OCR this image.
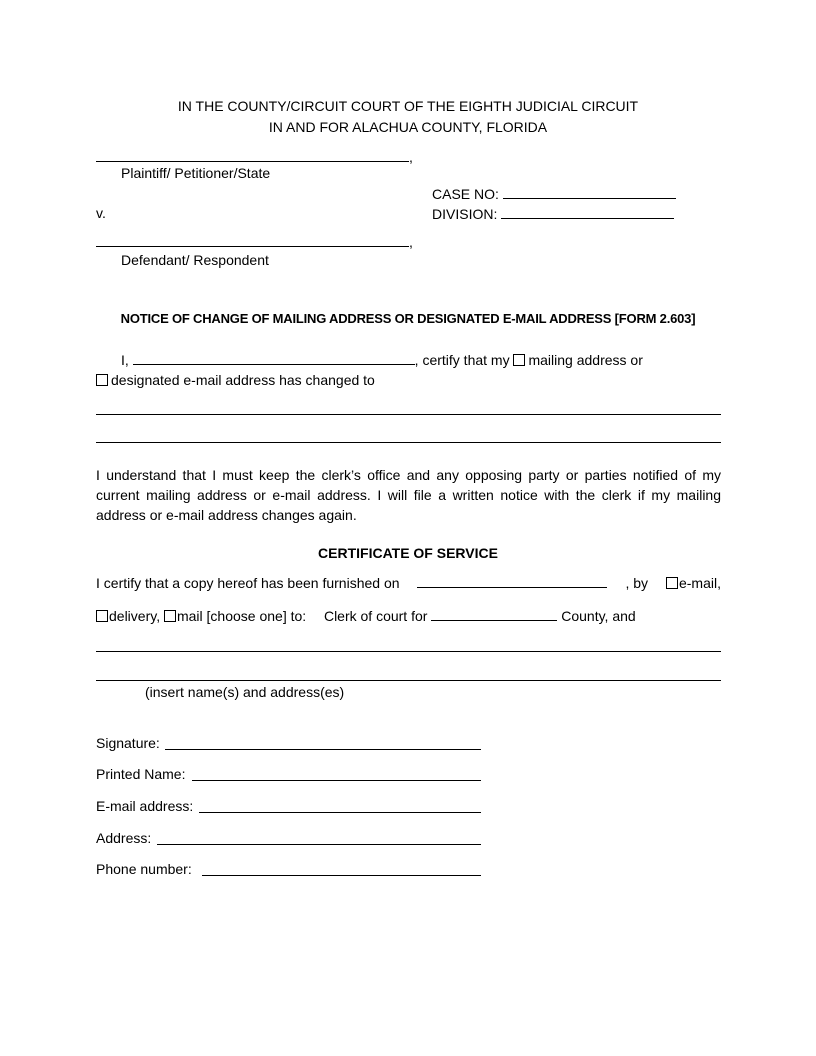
IN THE COUNTY/CIRCUIT COURT OF THE EIGHTH JUDICIAL CIRCUIT
IN AND FOR ALACHUA COUNTY, FLORIDA
,
Plaintiff/ Petitioner/State
CASE NO:
v.	DIVISION:
,
Defendant/ Respondent
NOTICE OF CHANGE OF MAILING ADDRESS OR DESIGNATED E-MAIL ADDRESS [FORM 2.603]
I,	, certify that my mailing address or
designated e-mail address has changed to
I understand that I must keep the clerk’s office and any opposing party or parties notified of my current mailing address or e-mail address. I will file a written notice with the clerk if my mailing address or e-mail address changes again.
CERTIFICATE OF SERVICE
I certify that a copy hereof has been furnished on	, by	e-mail,
delivery, mail [choose one] to: Clerk of court for	County, and
(insert name(s) and address(es)
Signature:
Printed Name:
E-mail address:
Address:
Phone number:
